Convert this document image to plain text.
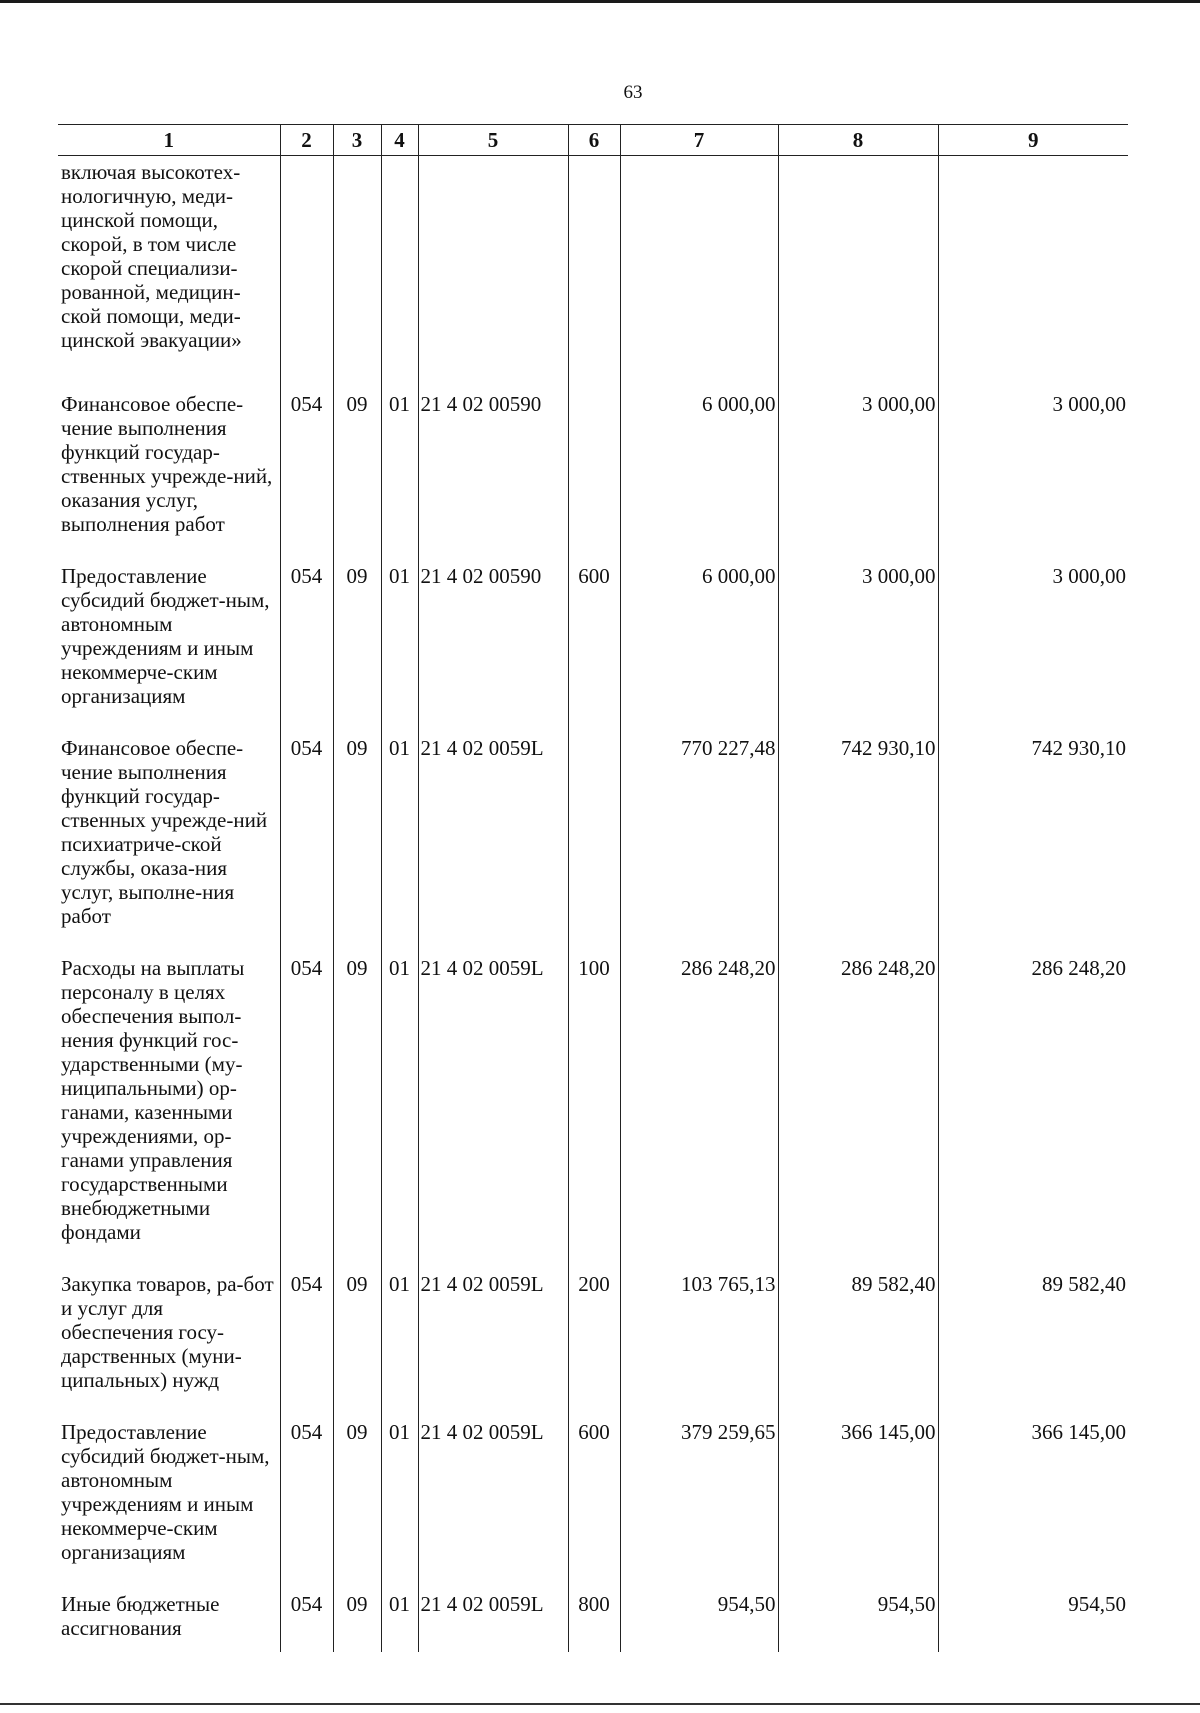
63
1	2	3	4	5	6	7	8	9
включая высокотех-нологичную, меди-цинской помощи, скорой, в том числе скорой специализи-рованной, медицин-ской помощи, меди-цинской эвакуации»								
Финансовое обеспе-чение выполнения функций государ-ственных учрежде-ний, оказания услуг, выполнения работ	054	09	01	21 4 02 00590		6 000,00	3 000,00	3 000,00
Предоставление субсидий бюджет-ным, автономным учреждениям и иным некоммерче-ским организациям	054	09	01	21 4 02 00590	600	6 000,00	3 000,00	3 000,00
Финансовое обеспе-чение выполнения функций государ-ственных учрежде-ний психиатриче-ской службы, оказа-ния услуг, выполне-ния работ	054	09	01	21 4 02 0059L		770 227,48	742 930,10	742 930,10
Расходы на выплаты персоналу в целях обеспечения выпол-нения функций гос-ударственными (му-ниципальными) ор-ганами, казенными учреждениями, ор-ганами управления государственными внебюджетными фондами	054	09	01	21 4 02 0059L	100	286 248,20	286 248,20	286 248,20
Закупка товаров, ра-бот и услуг для обеспечения госу-дарственных (муни-ципальных) нужд	054	09	01	21 4 02 0059L	200	103 765,13	89 582,40	89 582,40
Предоставление субсидий бюджет-ным, автономным учреждениям и иным некоммерче-ским организациям	054	09	01	21 4 02 0059L	600	379 259,65	366 145,00	366 145,00
Иные бюджетные ассигнования	054	09	01	21 4 02 0059L	800	954,50	954,50	954,50
